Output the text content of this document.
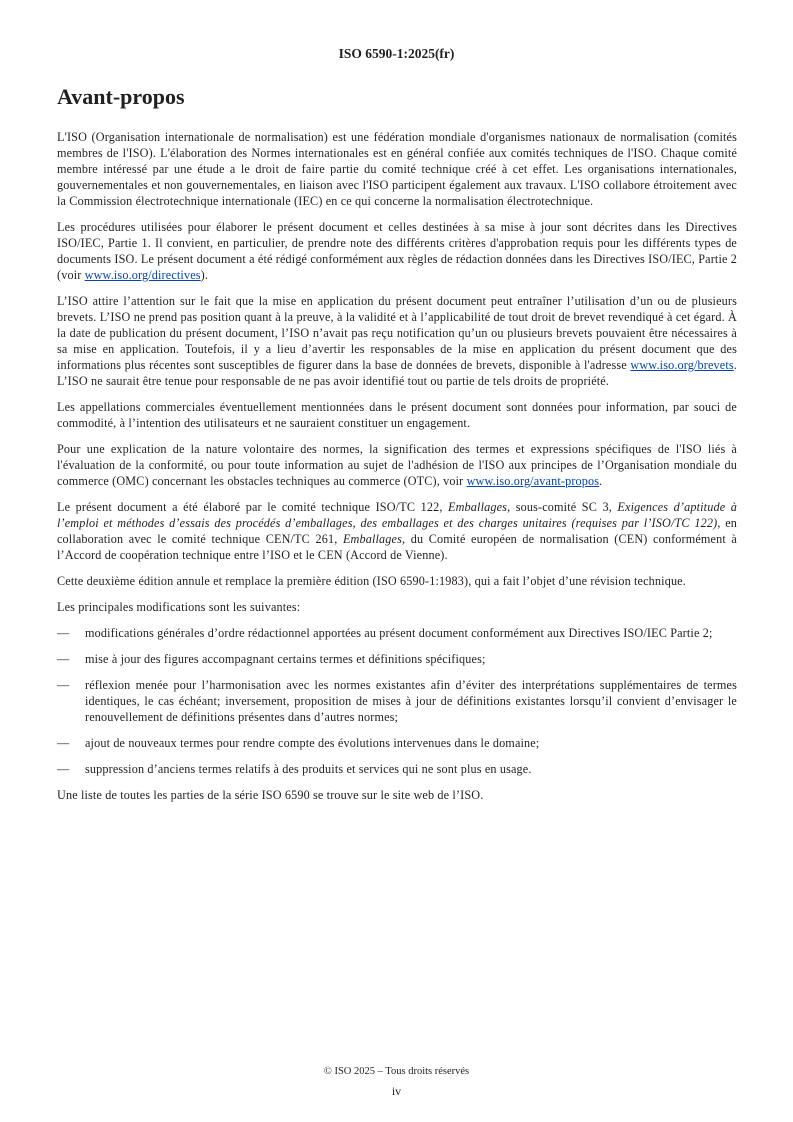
ISO 6590-1:2025(fr)
Avant-propos

L'ISO (Organisation internationale de normalisation) est une fédération mondiale d'organismes nationaux de normalisation (comités membres de l'ISO). L'élaboration des Normes internationales est en général confiée aux comités techniques de l'ISO. Chaque comité membre intéressé par une étude a le droit de faire partie du comité technique créé à cet effet. Les organisations internationales, gouvernementales et non gouvernementales, en liaison avec l'ISO participent également aux travaux. L'ISO collabore étroitement avec la Commission électrotechnique internationale (IEC) en ce qui concerne la normalisation électrotechnique.

Les procédures utilisées pour élaborer le présent document et celles destinées à sa mise à jour sont décrites dans les Directives ISO/IEC, Partie 1. Il convient, en particulier, de prendre note des différents critères d'approbation requis pour les différents types de documents ISO. Le présent document a été rédigé conformément aux règles de rédaction données dans les Directives ISO/IEC, Partie 2 (voir www.iso.org/directives).

L’ISO attire l’attention sur le fait que la mise en application du présent document peut entraîner l’utilisation d’un ou de plusieurs brevets. L’ISO ne prend pas position quant à la preuve, à la validité et à l’applicabilité de tout droit de brevet revendiqué à cet égard. À la date de publication du présent document, l’ISO n’avait pas reçu notification qu’un ou plusieurs brevets pouvaient être nécessaires à sa mise en application. Toutefois, il y a lieu d’avertir les responsables de la mise en application du présent document que des informations plus récentes sont susceptibles de figurer dans la base de données de brevets, disponible à l'adresse www.iso.org/brevets. L’ISO ne saurait être tenue pour responsable de ne pas avoir identifié tout ou partie de tels droits de propriété.

Les appellations commerciales éventuellement mentionnées dans le présent document sont données pour information, par souci de commodité, à l’intention des utilisateurs et ne sauraient constituer un engagement.

Pour une explication de la nature volontaire des normes, la signification des termes et expressions spécifiques de l'ISO liés à l'évaluation de la conformité, ou pour toute information au sujet de l'adhésion de l'ISO aux principes de l’Organisation mondiale du commerce (OMC) concernant les obstacles techniques au commerce (OTC), voir www.iso.org/avant-propos.

Le présent document a été élaboré par le comité technique ISO/TC 122, Emballages, sous-comité SC 3, Exigences d’aptitude à l’emploi et méthodes d’essais des procédés d’emballages, des emballages et des charges unitaires (requises par l’ISO/TC 122), en collaboration avec le comité technique CEN/TC 261, Emballages, du Comité européen de normalisation (CEN) conformément à l’Accord de coopération technique entre l’ISO et le CEN (Accord de Vienne).

Cette deuxième édition annule et remplace la première édition (ISO 6590-1:1983), qui a fait l’objet d’une révision technique.

Les principales modifications sont les suivantes:

— modifications générales d’ordre rédactionnel apportées au présent document conformément aux Directives ISO/IEC Partie 2;
— mise à jour des figures accompagnant certains termes et définitions spécifiques;
— réflexion menée pour l’harmonisation avec les normes existantes afin d’éviter des interprétations supplémentaires de termes identiques, le cas échéant; inversement, proposition de mises à jour de définitions existantes lorsqu’il convient d’envisager le renouvellement de définitions présentes dans d’autres normes;
— ajout de nouveaux termes pour rendre compte des évolutions intervenues dans le domaine;
— suppression d’anciens termes relatifs à des produits et services qui ne sont plus en usage.

Une liste de toutes les parties de la série ISO 6590 se trouve sur le site web de l’ISO.

© ISO 2025 – Tous droits réservés
iv
